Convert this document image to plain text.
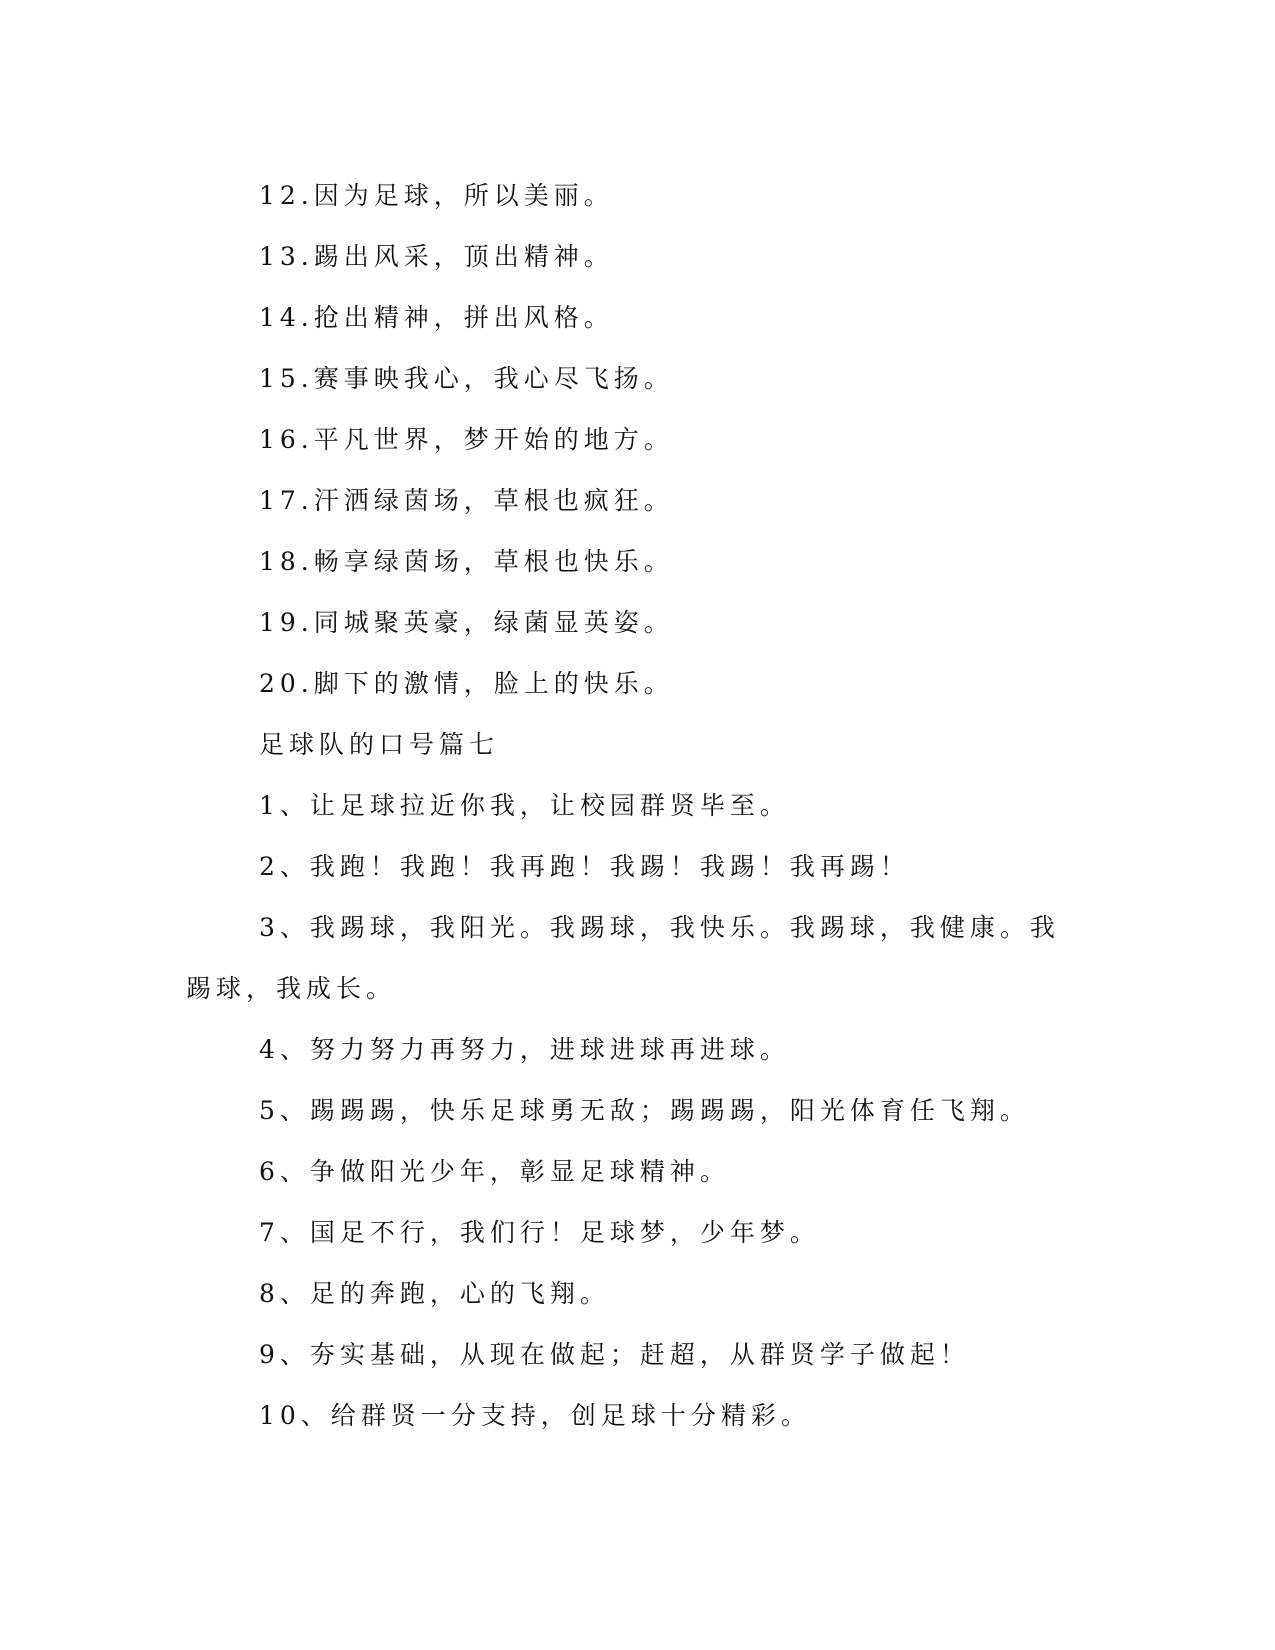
12.因为足球，所以美丽。

13.踢出风采，顶出精神。

14.抢出精神，拼出风格。

15.赛事映我心，我心尽飞扬。

16.平凡世界，梦开始的地方。

17.汗洒绿茵场，草根也疯狂。

18.畅享绿茵场，草根也快乐。

19.同城聚英豪，绿菌显英姿。

20.脚下的激情，脸上的快乐。

足球队的口号篇七

1、让足球拉近你我，让校园群贤毕至。

2、我跑！我跑！我再跑！我踢！我踢！我再踢！

3、我踢球，我阳光。我踢球，我快乐。我踢球，我健康。我踢球，我成长。

4、努力努力再努力，进球进球再进球。

5、踢踢踢，快乐足球勇无敌；踢踢踢，阳光体育任飞翔。

6、争做阳光少年，彰显足球精神。

7、国足不行，我们行！足球梦，少年梦。

8、足的奔跑，心的飞翔。

9、夯实基础，从现在做起；赶超，从群贤学子做起！

10、给群贤一分支持，创足球十分精彩。
